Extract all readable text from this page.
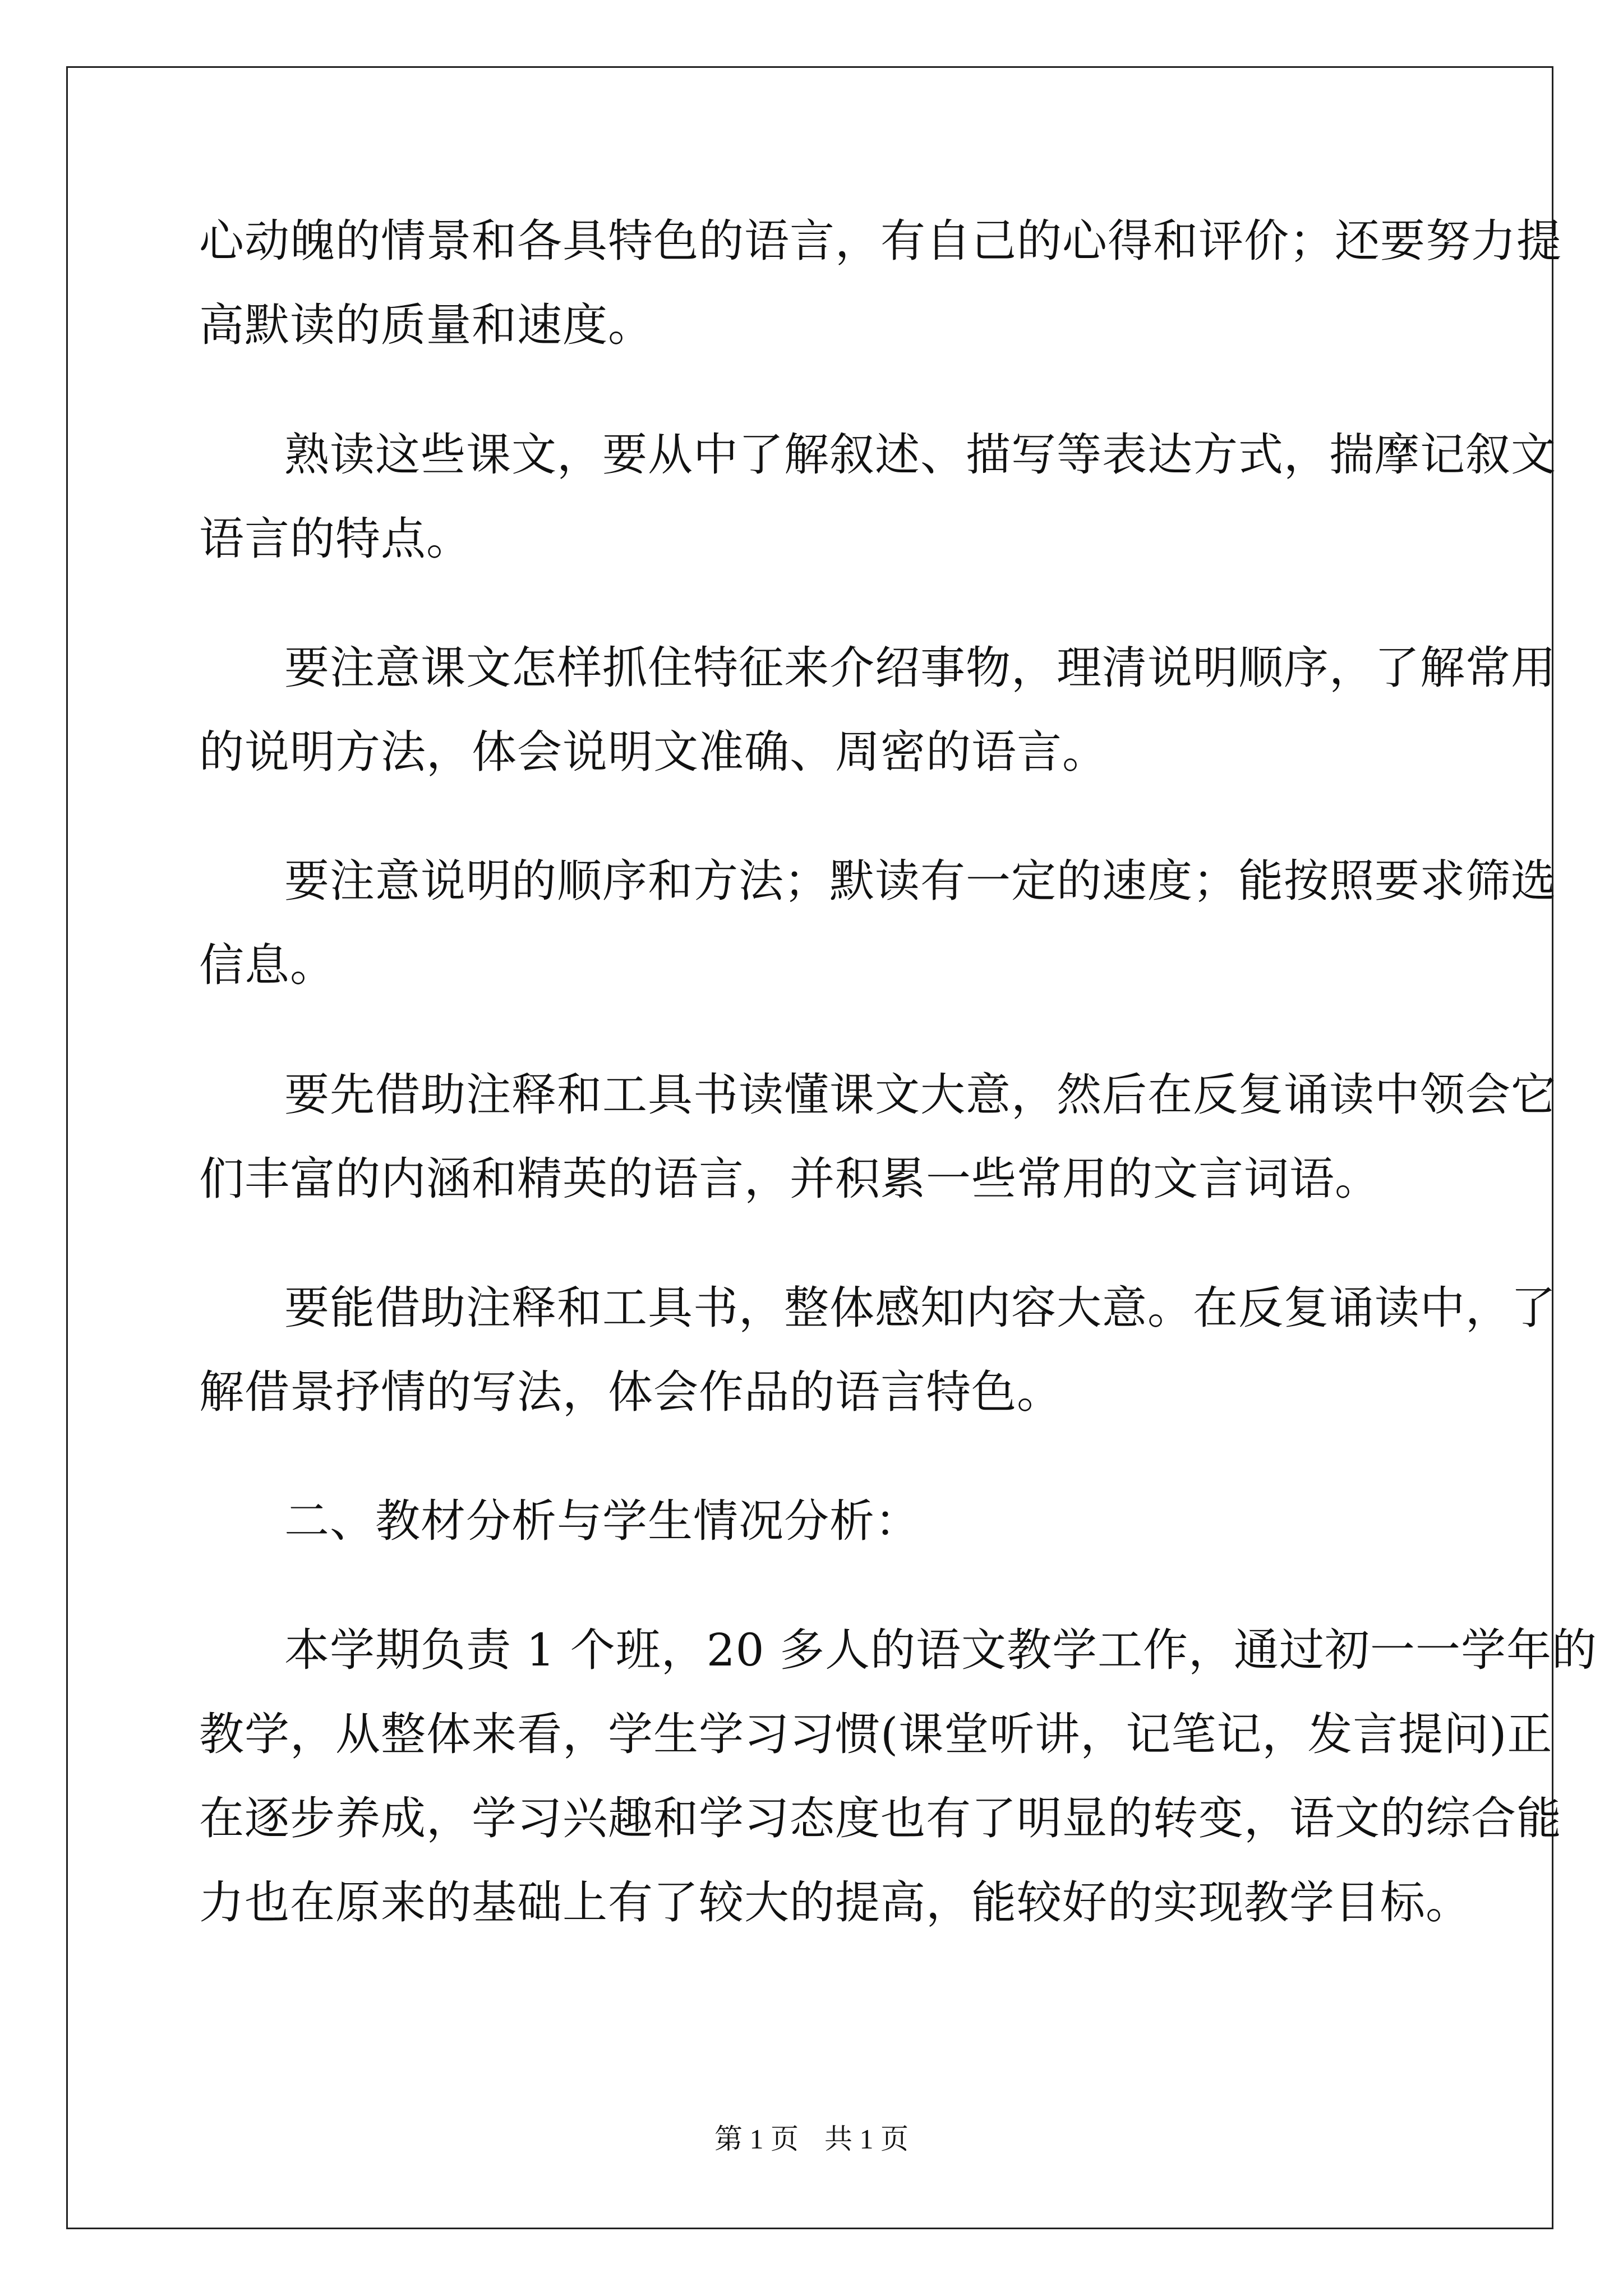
心动魄的情景和各具特色的语言，有自己的心得和评价；还要努力提

高默读的质量和速度。

熟读这些课文，要从中了解叙述、描写等表达方式，揣摩记叙文

语言的特点。

要注意课文怎样抓住特征来介绍事物，理清说明顺序，了解常用

的说明方法，体会说明文准确、周密的语言。

要注意说明的顺序和方法；默读有一定的速度；能按照要求筛选

信息。

要先借助注释和工具书读懂课文大意，然后在反复诵读中领会它

们丰富的内涵和精英的语言，并积累一些常用的文言词语。

要能借助注释和工具书，整体感知内容大意。在反复诵读中，了

解借景抒情的写法，体会作品的语言特色。

二、教材分析与学生情况分析：

本学期负责 1 个班，20 多人的语文教学工作，通过初一一学年的

教学，从整体来看，学生学习习惯(课堂听讲，记笔记，发言提问)正

在逐步养成，学习兴趣和学习态度也有了明显的转变，语文的综合能

力也在原来的基础上有了较大的提高，能较好的实现教学目标。

第 1 页 共 1 页
